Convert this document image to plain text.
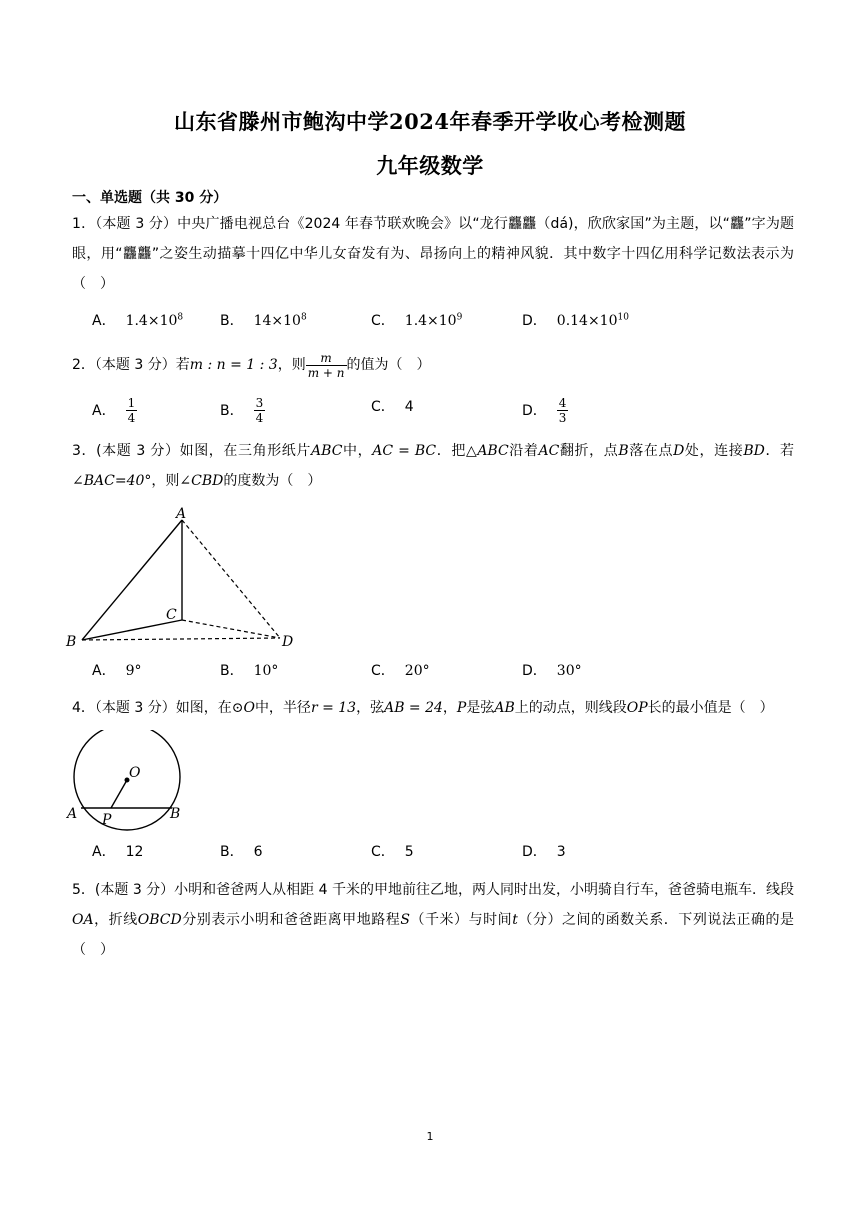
山东省滕州市鲍沟中学2024年春季开学收心考检测题
九年级数学
一、单选题（共 30 分）
1．（本题 3 分）中央广播电视总台《2024 年春节联欢晚会》以“龙行龘龘（dá)，欣欣家国”为主题，以“龘”字为题眼，用“龘龘”之姿生动描摹十四亿中华儿女奋发有为、昂扬向上的精神风貌．其中数字十四亿用科学记数法表示为（　）
A． $1.4\times 10^8$	B． $14\times 10^8$	C． $1.4\times 10^9$	D． $0.14\times 10^{10}$
2．（本题 3 分）若m : n = 1 : 3，则 $\frac{m}{m + n}$ 的值为（　）
A． $\frac{1}{4}$	B． $\frac{3}{4}$	C． 4	D． $\frac{4}{3}$
3．(本题 3 分）如图，在三角形纸片ABC中，AC = BC．把△ABC沿着AC翻折，点B落在点D处，连接BD．若∠BAC=40°，则∠CBD的度数为（　）
A
B
C
D
A． 9°	B． 10°	C． 20°	D． 30°
4．（本题 3 分）如图，在⊙O中，半径r = 13，弦AB = 24，P是弦AB上的动点，则线段OP长的最小值是（　）
O
A	B
P
A． 12	B． 6	C． 5	D． 3
5．(本题 3 分）小明和爸爸两人从相距 4 千米的甲地前往乙地，两人同时出发，小明骑自行车，爸爸骑电瓶车．线段OA，折线OBCD分别表示小明和爸爸距离甲地路程S（千米）与时间t（分）之间的函数关系．下列说法正确的是（　）
1
